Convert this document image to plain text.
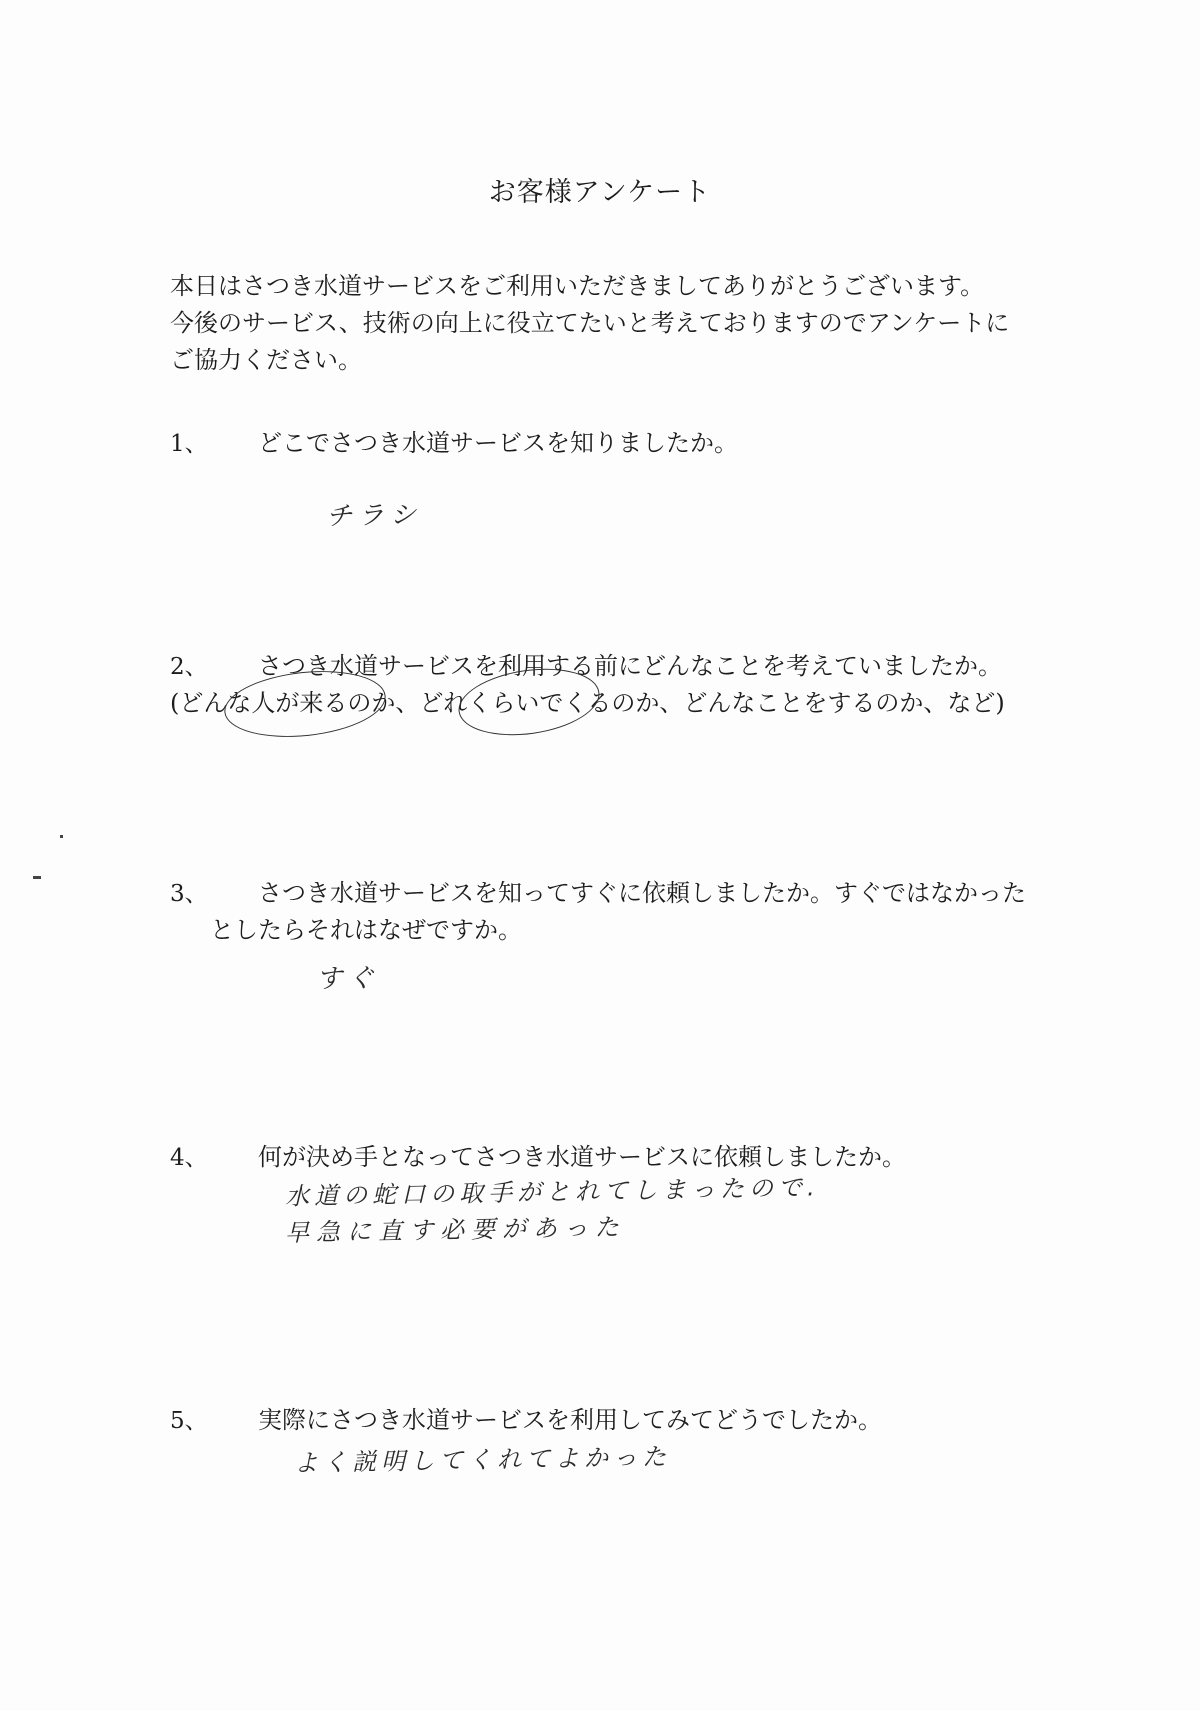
お客様アンケート
本日はさつき水道サービスをご利用いただきましてありがとうございます。
今後のサービス、技術の向上に役立てたいと考えておりますのでアンケートに
ご協力ください。
1、 どこでさつき水道サービスを知りましたか。
チラシ
2、 さつき水道サービスを利用する前にどんなことを考えていましたか。
(どんな人が来るのか、どれくらいでくるのか、どんなことをするのか、など)
3、 さつき水道サービスを知ってすぐに依頼しましたか。すぐではなかった
としたらそれはなぜですか。
すぐ
4、 何が決め手となってさつき水道サービスに依頼しましたか。
水道の蛇口の取手がとれてしまったので.
早急に直す必要があった
5、 実際にさつき水道サービスを利用してみてどうでしたか。
よく説明してくれてよかった
